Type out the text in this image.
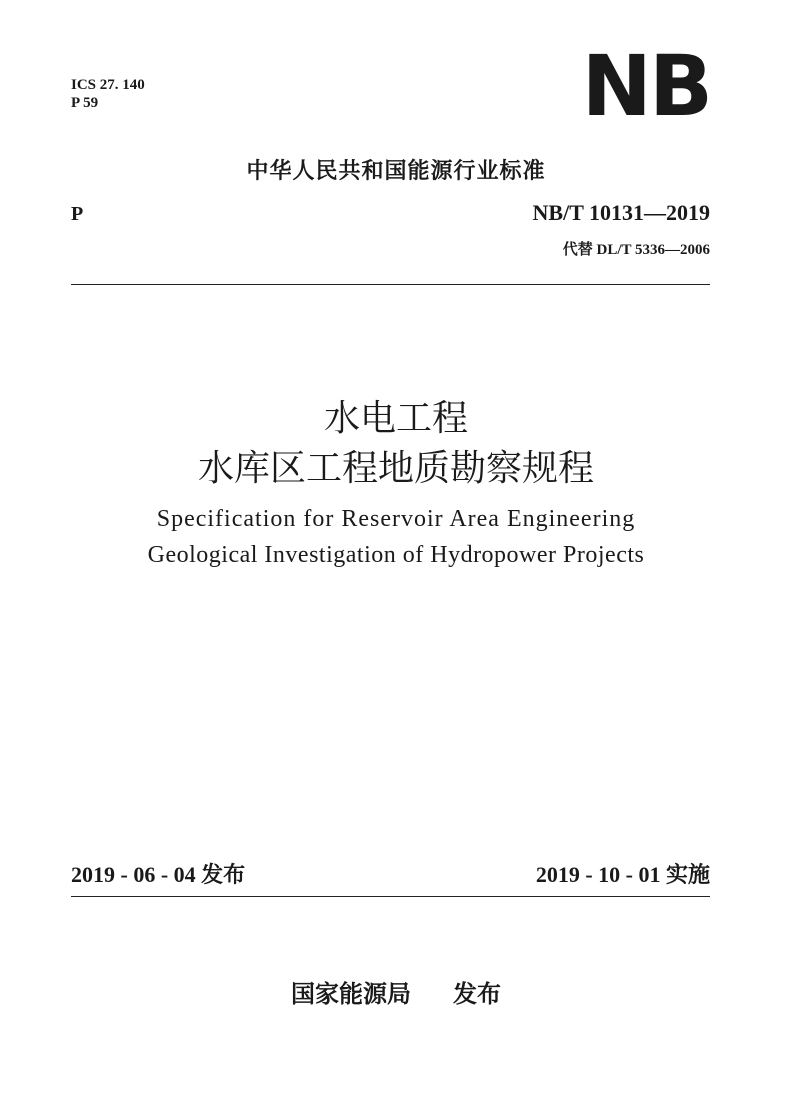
ICS 27. 140
P 59	NB
中华人民共和国能源行业标准
P	NB/T 10131—2019
代替 DL/T 5336—2006
水电工程
水库区工程地质勘察规程
Specification for Reservoir Area Engineering
Geological Investigation of Hydropower Projects
2019 - 06 - 04 发布	2019 - 10 - 01 实施
国家能源局 发布
